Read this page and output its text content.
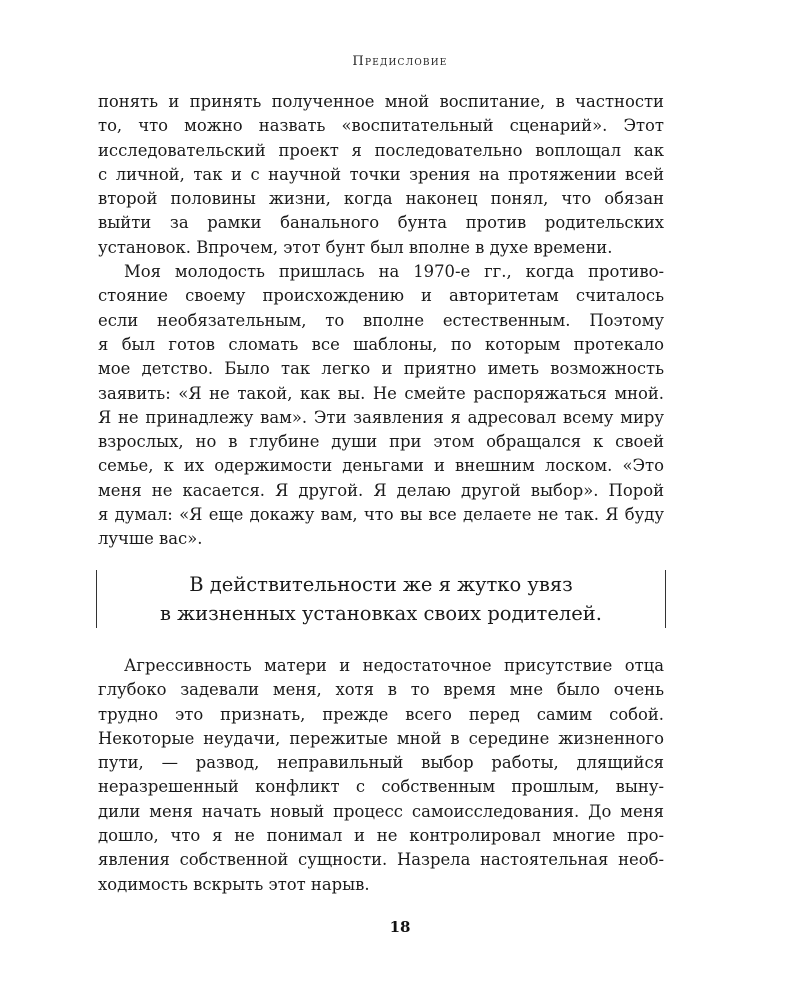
Предисловие
понять и принять полученное мной воспитание, в частности
то, что можно назвать «воспитательный сценарий». Этот
исследовательский проект я последовательно воплощал как
с личной, так и с научной точки зрения на протяжении всей
второй половины жизни, когда наконец понял, что обязан
выйти за рамки банального бунта против родительских
установок. Впрочем, этот бунт был вполне в духе времени.
Моя молодость пришлась на 1970-е гг., когда противо-
стояние своему происхождению и авторитетам считалось
если необязательным, то вполне естественным. Поэтому
я был готов сломать все шаблоны, по которым протекало
мое детство. Было так легко и приятно иметь возможность
заявить: «Я не такой, как вы. Не смейте распоряжаться мной.
Я не принадлежу вам». Эти заявления я адресовал всему миру
взрослых, но в глубине души при этом обращался к своей
семье, к их одержимости деньгами и внешним лоском. «Это
меня не касается. Я другой. Я делаю другой выбор». Порой
я думал: «Я еще докажу вам, что вы все делаете не так. Я буду
лучше вас».
В действительности же я жутко увяз
в жизненных установках своих родителей.
Агрессивность матери и недостаточное присутствие отца
глубоко задевали меня, хотя в то время мне было очень
трудно это признать, прежде всего перед самим собой.
Некоторые неудачи, пережитые мной в середине жизненного
пути, — развод, неправильный выбор работы, длящийся
неразрешенный конфликт с собственным прошлым, выну-
дили меня начать новый процесс самоисследования. До меня
дошло, что я не понимал и не контролировал многие про-
явления собственной сущности. Назрела настоятельная необ-
ходимость вскрыть этот нарыв.
18
